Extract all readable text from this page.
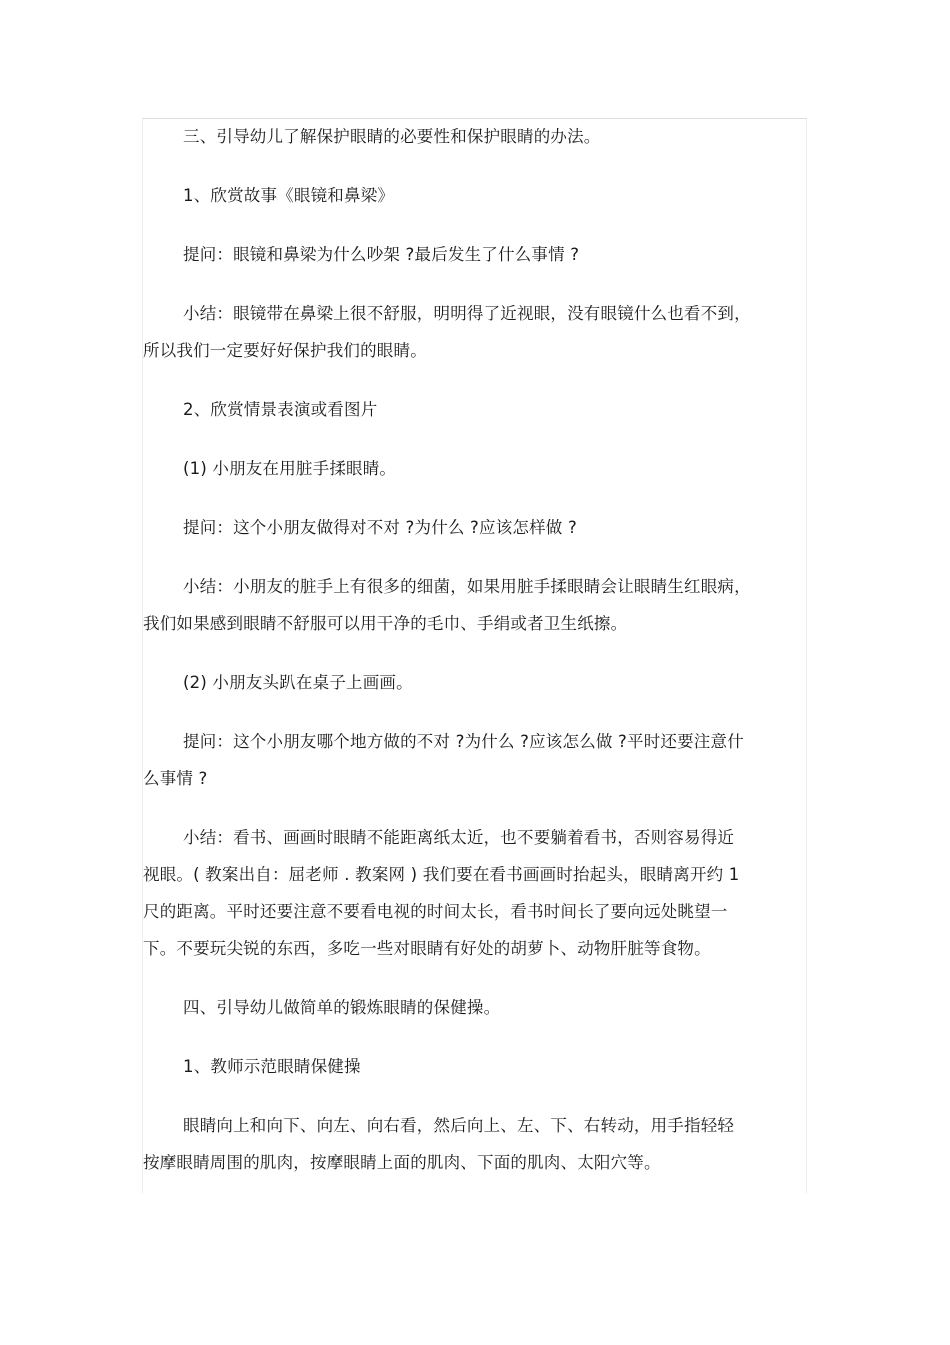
三、引导幼儿了解保护眼睛的必要性和保护眼睛的办法。

1、欣赏故事《眼镜和鼻梁》

提问：眼镜和鼻梁为什么吵架 ?最后发生了什么事情 ?

小结：眼镜带在鼻梁上很不舒服，明明得了近视眼，没有眼镜什么也看不到，

所以我们一定要好好保护我们的眼睛。

2、欣赏情景表演或看图片

(1) 小朋友在用脏手揉眼睛。

提问：这个小朋友做得对不对 ?为什么 ?应该怎样做 ?

小结：小朋友的脏手上有很多的细菌，如果用脏手揉眼睛会让眼睛生红眼病，

我们如果感到眼睛不舒服可以用干净的毛巾、手绢或者卫生纸擦。

(2) 小朋友头趴在桌子上画画。

提问：这个小朋友哪个地方做的不对 ?为什么 ?应该怎么做 ?平时还要注意什

么事情 ?

小结：看书、画画时眼睛不能距离纸太近，也不要躺着看书，否则容易得近

视眼。( 教案出自：屈老师 . 教案网 ) 我们要在看书画画时抬起头，眼睛离开约 1

尺的距离。平时还要注意不要看电视的时间太长，看书时间长了要向远处眺望一

下。不要玩尖锐的东西，多吃一些对眼睛有好处的胡萝卜、动物肝脏等食物。

四、引导幼儿做简单的锻炼眼睛的保健操。

1、教师示范眼睛保健操

眼睛向上和向下、向左、向右看，然后向上、左、下、右转动，用手指轻轻

按摩眼睛周围的肌肉，按摩眼睛上面的肌肉、下面的肌肉、太阳穴等。
